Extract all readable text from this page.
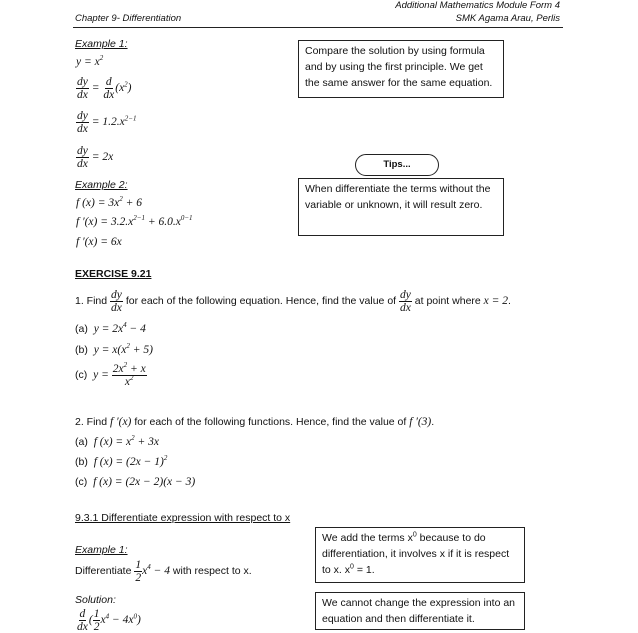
Chapter 9- Differentiation
Additional Mathematics Module Form 4
SMK Agama Arau, Perlis
Example 1:
$y = x^2$
$\frac{dy}{dx} = \frac{d}{dx} (x^2)$
$\frac{dy}{dx} = 1.2.x^{2-1}$
$\frac{dy}{dx} = 2x$
Compare the solution by using formula and by using the first principle. We get the same answer for the same equation.
Tips...
When differentiate the terms without the variable or unknown, it will result zero.
Example 2:
f $(x) = 3x^2 + 6$
f $'(x) = 3.2.x^{2-1} + 6.0.x^{0-1}$
f ′(x) = 6x
EXERCISE 9.21
1. Find $\frac{dy}{dx}$ for each of the following equation. Hence, find the value of $\frac{dy}{dx}$ at point where x = 2.
(a) $y = 2x^4 - 4$
(b) $y = x(x^2 + 5)$
(c) $y = \frac{2x^2 + x}{x^2}$
2. Find f ′(x) for each of the following functions. Hence, find the value of f ′(3).
(a) f $(x) = x^2 + 3x$
(b) f $(x) = (2x - 1)^2$
(c) f (x) = (2x − 2)(x − 3)
9.3.1 Differentiate expression with respect to x
Example 1:
Differentiate $\frac{1}{2} x^4 - 4$ with respect to x.
Solution:
$\frac{d}{dx}$ ( $\frac{1}{2} x^4 - 4x^0$)
We add the terms $x^0$ because to do
differentiation, it involves x if it is respect
to x. $x^0 = 1$.
We cannot change the expression into an equation and then differentiate it.
